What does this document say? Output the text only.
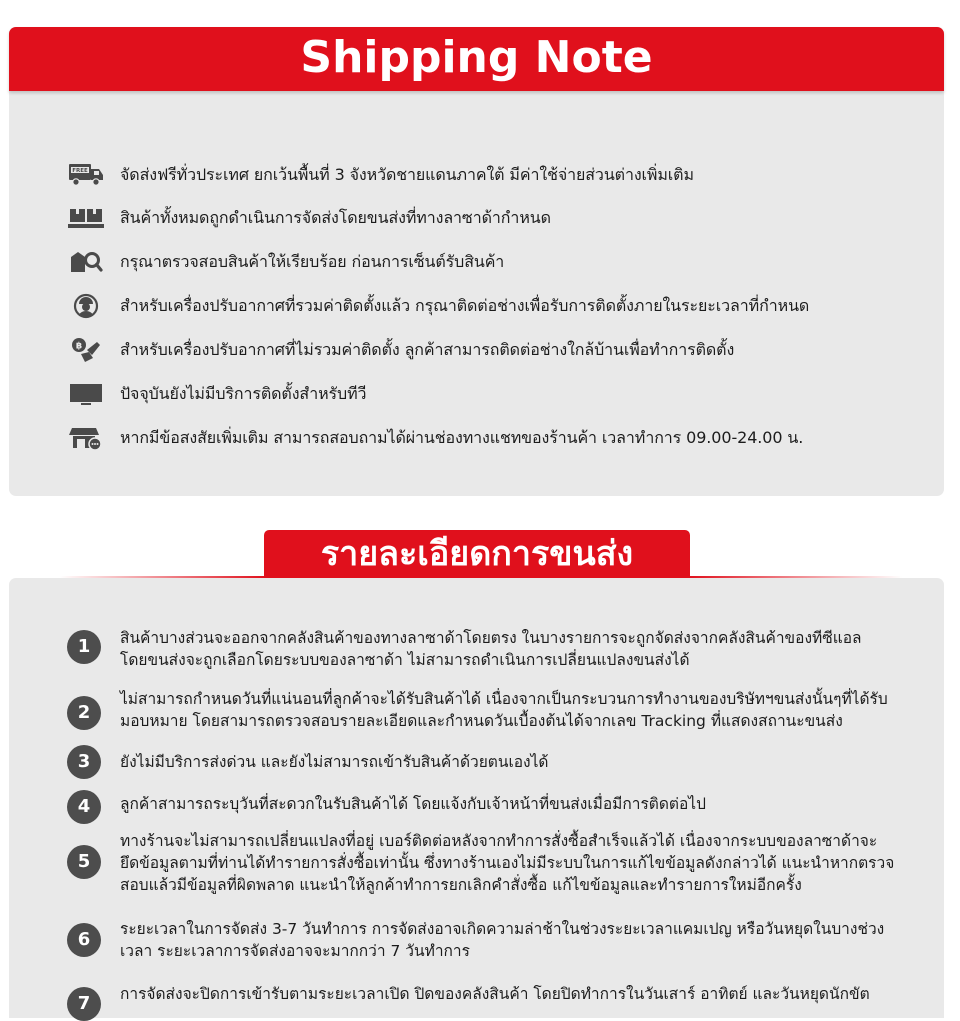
Shipping Note
FREE จัดส่งฟรีทั่วประเทศ ยกเว้นพื้นที่ 3 จังหวัดชายแดนภาคใต้ มีค่าใช้จ่ายส่วนต่างเพิ่มเติม
สินค้าทั้งหมดถูกดำเนินการจัดส่งโดยขนส่งที่ทางลาซาด้ากำหนด
กรุณาตรวจสอบสินค้าให้เรียบร้อย ก่อนการเซ็นต์รับสินค้า
สำหรับเครื่องปรับอากาศที่รวมค่าติดตั้งแล้ว กรุณาติดต่อช่างเพื่อรับการติดตั้งภายในระยะเวลาที่กำหนด
฿ สำหรับเครื่องปรับอากาศที่ไม่รวมค่าติดตั้ง ลูกค้าสามารถติดต่อช่างใกล้บ้านเพื่อทำการติดตั้ง
ปัจจุบันยังไม่มีบริการติดตั้งสำหรับทีวี
หากมีข้อสงสัยเพิ่มเติม สามารถสอบถามได้ผ่านช่องทางแชทของร้านค้า เวลาทำการ 09.00-24.00 น.
รายละเอียดการขนส่ง
1	สินค้าบางส่วนจะออกจากคลังสินค้าของทางลาซาด้าโดยตรง ในบางรายการจะถูกจัดส่งจากคลังสินค้าของทีซีแอล
โดยขนส่งจะถูกเลือกโดยระบบของลาซาด้า ไม่สามารถดำเนินการเปลี่ยนแปลงขนส่งได้
2
ไม่สามารถกำหนดวันที่แน่นอนที่ลูกค้าจะได้รับสินค้าได้ เนื่องจากเป็นกระบวนการทำงานของบริษัทฯขนส่งนั้นๆที่ได้รับ
มอบหมาย โดยสามารถตรวจสอบรายละเอียดและกำหนดวันเบื้องต้นได้จากเลข Tracking ที่แสดงสถานะขนส่ง
3	ยังไม่มีบริการส่งด่วน และยังไม่สามารถเข้ารับสินค้าด้วยตนเองได้
4	ลูกค้าสามารถระบุวันที่สะดวกในรับสินค้าได้ โดยแจ้งกับเจ้าหน้าที่ขนส่งเมื่อมีการติดต่อไป
5
ทางร้านจะไม่สามารถเปลี่ยนแปลงที่อยู่ เบอร์ติดต่อหลังจากทำการสั่งซื้อสำเร็จแล้วได้ เนื่องจากระบบของลาซาด้าจะ
ยึดข้อมูลตามที่ท่านได้ทำรายการสั่งซื้อเท่านั้น ซึ่งทางร้านเองไม่มีระบบในการแก้ไขข้อมูลดังกล่าวได้ แนะนำหากตรวจ
สอบแล้วมีข้อมูลที่ผิดพลาด แนะนำให้ลูกค้าทำการยกเลิกคำสั่งซื้อ แก้ไขข้อมูลและทำรายการใหม่อีกครั้ง
6	ระยะเวลาในการจัดส่ง 3-7 วันทำการ การจัดส่งอาจเกิดความล่าช้าในช่วงระยะเวลาแคมเปญ หรือวันหยุดในบางช่วง
เวลา ระยะเวลาการจัดส่งอาจจะมากกว่า 7 วันทำการ
7	การจัดส่งจะปิดการเข้ารับตามระยะเวลาเปิด ปิดของคลังสินค้า โดยปิดทำการในวันเสาร์ อาทิตย์ และวันหยุดนักขัต
